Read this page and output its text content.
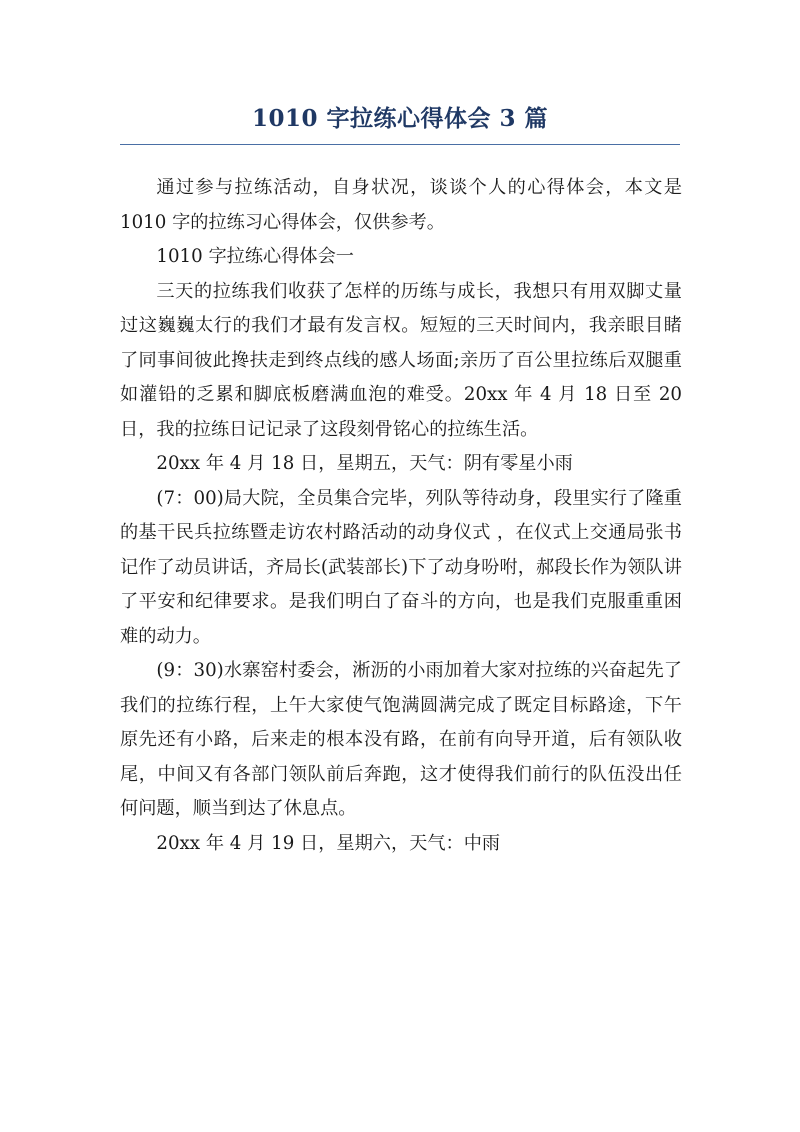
1010 字拉练心得体会 3 篇

通过参与拉练活动，自身状况，谈谈个人的心得体会，本文是 1010 字的拉练习心得体会，仅供参考。

1010 字拉练心得体会一

三天的拉练我们收获了怎样的历练与成长，我想只有用双脚丈量过这巍巍太行的我们才最有发言权。短短的三天时间内，我亲眼目睹了同事间彼此搀扶走到终点线的感人场面;亲历了百公里拉练后双腿重如灌铅的乏累和脚底板磨满血泡的难受。20xx 年 4 月 18 日至 20 日，我的拉练日记记录了这段刻骨铭心的拉练生活。

20xx 年 4 月 18 日，星期五，天气：阴有零星小雨

(7：00)局大院，全员集合完毕，列队等待动身，段里实行了隆重的基干民兵拉练暨走访农村路活动的动身仪式 ，在仪式上交通局张书记作了动员讲话，齐局长(武装部长)下了动身吩咐，郝段长作为领队讲了平安和纪律要求。是我们明白了奋斗的方向，也是我们克服重重困难的动力。

(9：30)水寨窑村委会，淅沥的小雨加着大家对拉练的兴奋起先了我们的拉练行程，上午大家使气饱满圆满完成了既定目标路途，下午原先还有小路，后来走的根本没有路，在前有向导开道，后有领队收尾，中间又有各部门领队前后奔跑，这才使得我们前行的队伍没出任何问题，顺当到达了休息点。

20xx 年 4 月 19 日，星期六，天气：中雨
